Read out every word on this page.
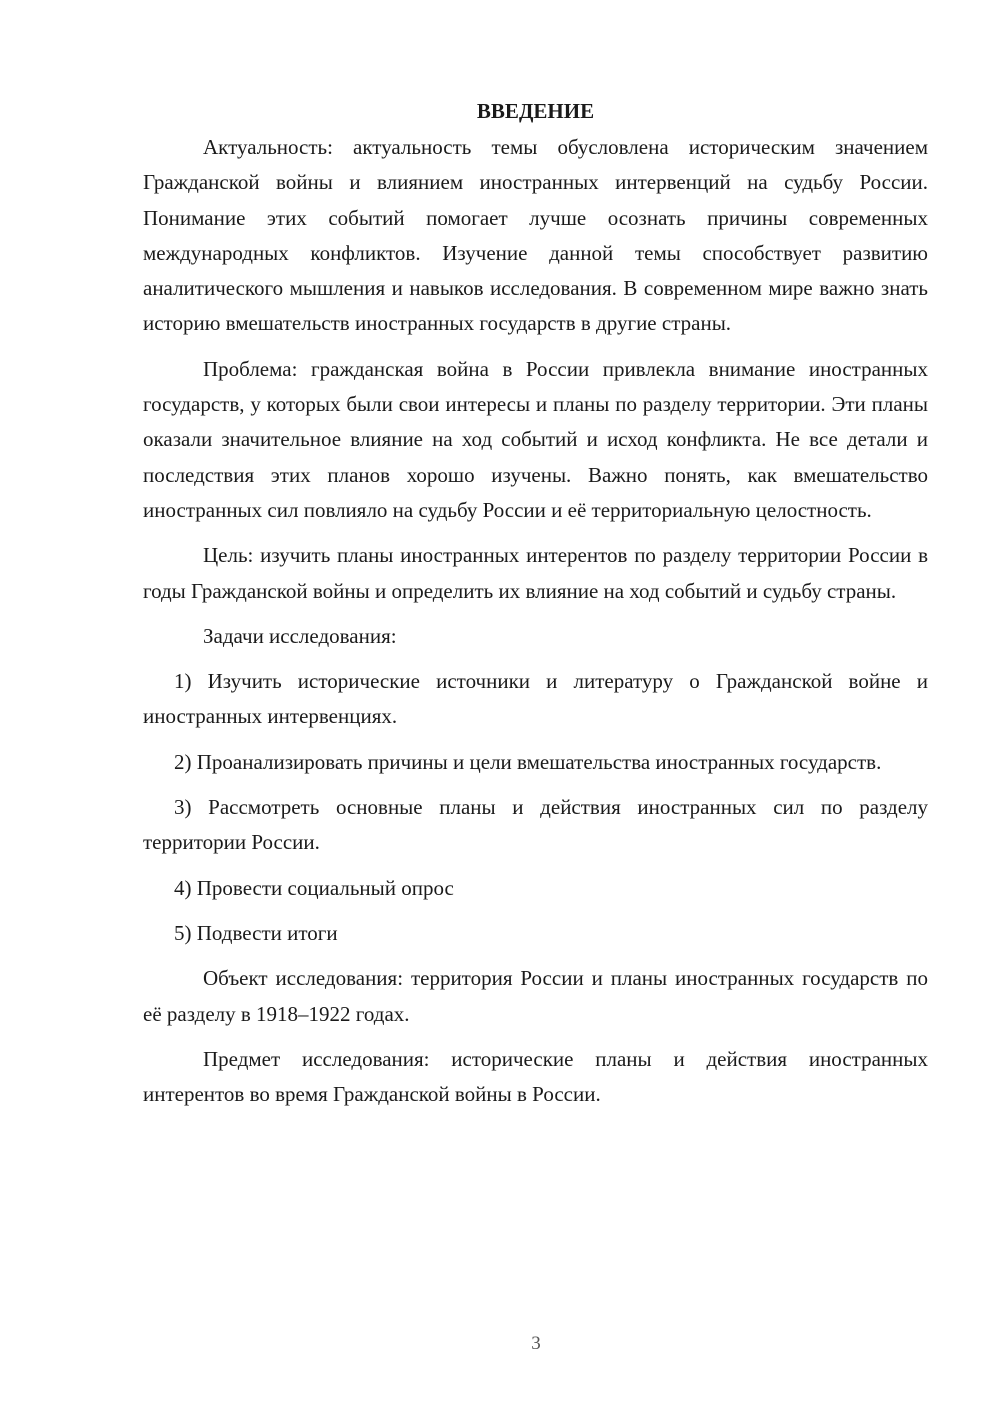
ВВЕДЕНИЕ

Актуальность: актуальность темы обусловлена историческим значением Гражданской войны и влиянием иностранных интервенций на судьбу России. Понимание этих событий помогает лучше осознать причины современных международных конфликтов. Изучение данной темы способствует развитию аналитического мышления и навыков исследования. В современном мире важно знать историю вмешательств иностранных государств в другие страны.

Проблема: гражданская война в России привлекла внимание иностранных государств, у которых были свои интересы и планы по разделу территории. Эти планы оказали значительное влияние на ход событий и исход конфликта. Не все детали и последствия этих планов хорошо изучены. Важно понять, как вмешательство иностранных сил повлияло на судьбу России и её территориальную целостность.

Цель: изучить планы иностранных интерентов по разделу территории России в годы Гражданской войны и определить их влияние на ход событий и судьбу страны.

Задачи исследования:

1) Изучить исторические источники и литературу о Гражданской войне и иностранных интервенциях.

2) Проанализировать причины и цели вмешательства иностранных государств.

3) Рассмотреть основные планы и действия иностранных сил по разделу территории России.

4) Провести социальный опрос

5) Подвести итоги

Объект исследования: территория России и планы иностранных государств по её разделу в 1918–1922 годах.

Предмет исследования: исторические планы и действия иностранных интерентов во время Гражданской войны в России.

3
